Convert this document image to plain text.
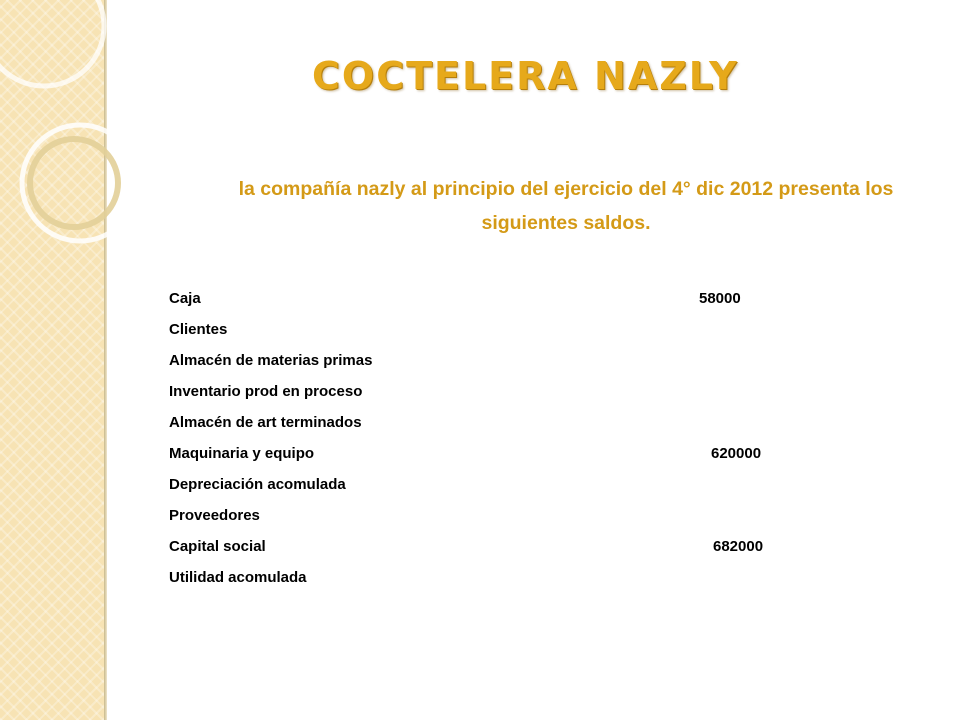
COCTELERA NAZLY

la compañía nazly al principio del ejercicio del 4° dic 2012 presenta los siguientes saldos.

Caja	58000
Clientes
Almacén de materias primas
Inventario prod en proceso
Almacén de art terminados
Maquinaria y equipo	620000
Depreciación acomulada
Proveedores
Capital social	682000
Utilidad acomulada
